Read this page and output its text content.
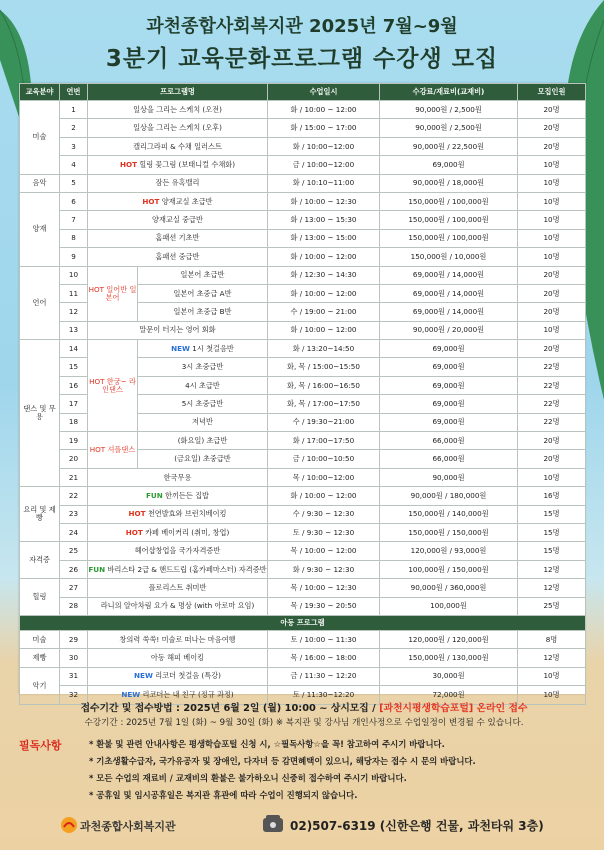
과천종합사회복지관 2025년 7월~9월
3분기 교육문화프로그램 수강생 모집
교육분야	연번	프로그램명		수업일시	수강료/재료비(교재비)	모집인원
미술	1	일상을 그리는 스케치 (오전)		화 / 10:00 ~ 12:00	90,000원 / 2,500원	20명
	2	일상을 그리는 스케치 (오후)		화 / 15:00 ~ 17:00	90,000원 / 2,500원	20명
	3	캘리그라피 & 수채 일러스트		화 / 10:00~12:00	90,000원 / 22,500원	20명
	4	HOT 힐링 꽃그림 (보태니컬 수채화)		금 / 10:00~12:00	69,000원	10명
음악	5	잠든 유혹밸리		화 / 10:10~11:00	90,000원 / 18,000원	10명
양재	6	HOT 양재교실 초급반		화 / 10:00 ~ 12:30	150,000원 / 100,000원	10명
	7	양재교실 중급반		화 / 13:00 ~ 15:30	150,000원 / 100,000원	10명
	8	홈패션 기초반		화 / 13:00 ~ 15:00	150,000원 / 100,000원	10명
	9	홈패션 중급반		화 / 10:00 ~ 12:00	150,000원 / 10,000원	10명
언어	10	HOT 일어반 일본어	일본어 초급반	화 / 12:30 ~ 14:30	69,000원 / 14,000원	20명
	11		일본어 초중급 A반	화 / 10:00 ~ 12:00	69,000원 / 14,000원	20명
	12		일본어 초중급 B반	수 / 19:00 ~ 21:00	69,000원 / 14,000원	20명
	13	말문이 터지는 영어 회화		화 / 10:00 ~ 12:00	90,000원 / 20,000원	10명
댄스 및 무용	14	HOT 한궁~ 라인댄스	NEW 1시 첫걸음반	화 / 13:20~14:50	69,000원	20명
	15		3시 초중급반	화, 목 / 15:00~15:50	69,000원	22명
	16		4시 초급반	화, 목 / 16:00~16:50	69,000원	22명
	17		5시 초중급반	화, 목 / 17:00~17:50	69,000원	22명
	18		저녁반	수 / 19:30~21:00	69,000원	22명
	19	HOT 셔플댄스	(화요일) 초급반	화 / 17:00~17:50	66,000원	20명
	20		(금요일) 초중급반	금 / 10:00~10:50	66,000원	20명
	21	한국무용		목 / 10:00~12:00	90,000원	10명
요리 및 제빵	22	FUN 한끼든든 집밥		화 / 10:00 ~ 12:00	90,000원 / 180,000원	16명
	23	HOT 천연발효와 브런치베이킹		수 / 9:30 ~ 12:30	150,000원 / 140,000원	15명
	24	HOT 카페 베이커리 (취미, 창업)		토 / 9:30 ~ 12:30	150,000원 / 150,000원	15명
자격증	25	헤어샵창업을 국가자격증반		목 / 10:00 ~ 12:00	120,000원 / 93,000원	15명
	26	FUN 바리스타 2급 & 핸드드립 (홈카페마스터) 자격증반		화 / 9:30 ~ 12:30	100,000원 / 150,000원	12명
힐링	27	플로리스트 취미반		목 / 10:00 ~ 12:30	90,000원 / 360,000원	12명
	28	라니의 알아차림 요가 & 명상 (with 아로마 요임)		목 / 19:30 ~ 20:50	100,000원	25명
아동 프로그램						
미술	29	창의력 쑥쑥! 미술로 떠나는 마음여행		토 / 10:00 ~ 11:30	120,000원 / 120,000원	8명
제빵	30	아동 해피 베이킹		목 / 16:00 ~ 18:00	150,000원 / 130,000원	12명
악기	31	NEW 리코더 첫걸음 (특강)		금 / 11:30 ~ 12:20	30,000원	10명
	32	NEW 리코더는 내 친구 (정규 과정)		토 / 11:30~12:20	72,000원	10명
접수기간 및 접수방법 : 2025년 6월 2일 (월) 10:00 ~ 상시모집 / [과천시평생학습포털] 온라인 접수
수강기간 : 2025년 7월 1일 (화) ~ 9월 30일 (화) ※ 복지관 및 강사님 개인사정으로 수업일정이 변경될 수 있습니다.
필독사항	* 환불 및 관련 안내사항은 평생학습포털 신청 시, ☆필독사항☆을 꼭! 참고하여 주시기 바랍니다.
* 기초생활수급자, 국가유공자 및 장애인, 다자녀 등 감면혜택이 있으니, 해당자는 접수 시 문의 바랍니다.
* 모든 수업의 재료비 / 교재비의 환불은 불가하오니 신중히 접수하여 주시기 바랍니다.
* 공휴일 및 임시공휴일은 복지관 휴관에 따라 수업이 진행되지 않습니다.
과천종합사회복지관	02)507-6319 (신한은행 건물, 과천타워 3층)
